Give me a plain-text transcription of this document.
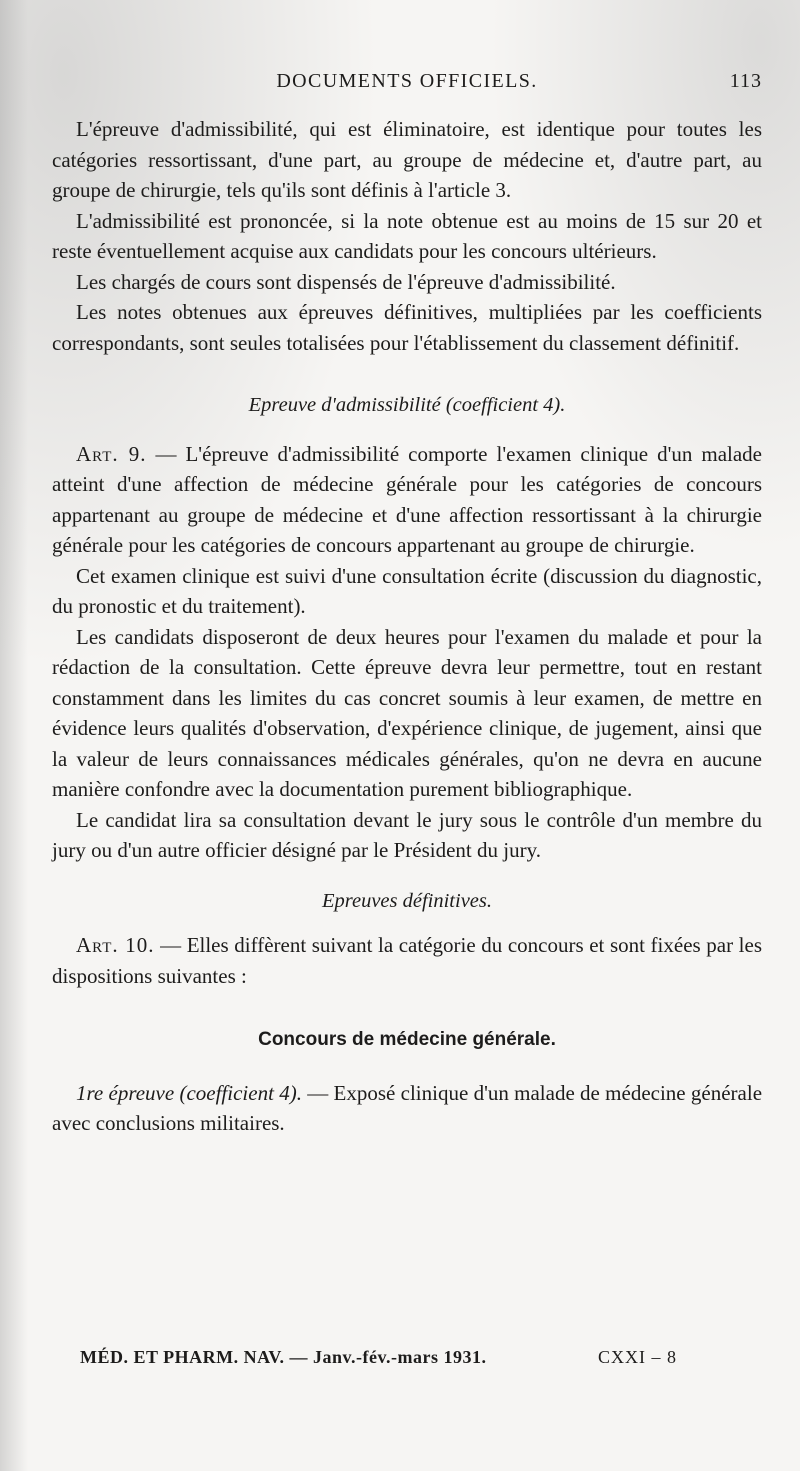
DOCUMENTS OFFICIELS.	113

L'épreuve d'admissibilité, qui est éliminatoire, est identique pour toutes les catégories ressortissant, d'une part, au groupe de médecine et, d'autre part, au groupe de chirurgie, tels qu'ils sont définis à l'article 3.

L'admissibilité est prononcée, si la note obtenue est au moins de 15 sur 20 et reste éventuellement acquise aux candidats pour les concours ultérieurs.

Les chargés de cours sont dispensés de l'épreuve d'admissibilité.

Les notes obtenues aux épreuves définitives, multipliées par les coefficients correspondants, sont seules totalisées pour l'établissement du classement définitif.

Epreuve d'admissibilité (coefficient 4).

Art. 9. — L'épreuve d'admissibilité comporte l'examen clinique d'un malade atteint d'une affection de médecine générale pour les catégories de concours appartenant au groupe de médecine et d'une affection ressortissant à la chirurgie générale pour les catégories de concours appartenant au groupe de chirurgie.

Cet examen clinique est suivi d'une consultation écrite (discussion du diagnostic, du pronostic et du traitement).

Les candidats disposeront de deux heures pour l'examen du malade et pour la rédaction de la consultation. Cette épreuve devra leur permettre, tout en restant constamment dans les limites du cas concret soumis à leur examen, de mettre en évidence leurs qualités d'observation, d'expérience clinique, de jugement, ainsi que la valeur de leurs connaissances médicales générales, qu'on ne devra en aucune manière confondre avec la documentation purement bibliographique.

Le candidat lira sa consultation devant le jury sous le contrôle d'un membre du jury ou d'un autre officier désigné par le Président du jury.

Epreuves définitives.

Art. 10. — Elles diffèrent suivant la catégorie du concours et sont fixées par les dispositions suivantes :

Concours de médecine générale.

1re épreuve (coefficient 4). — Exposé clinique d'un malade de médecine générale avec conclusions militaires.

MÉD. ET PHARM. NAV. — Janv.-fév.-mars 1931.	CXXI – 8
